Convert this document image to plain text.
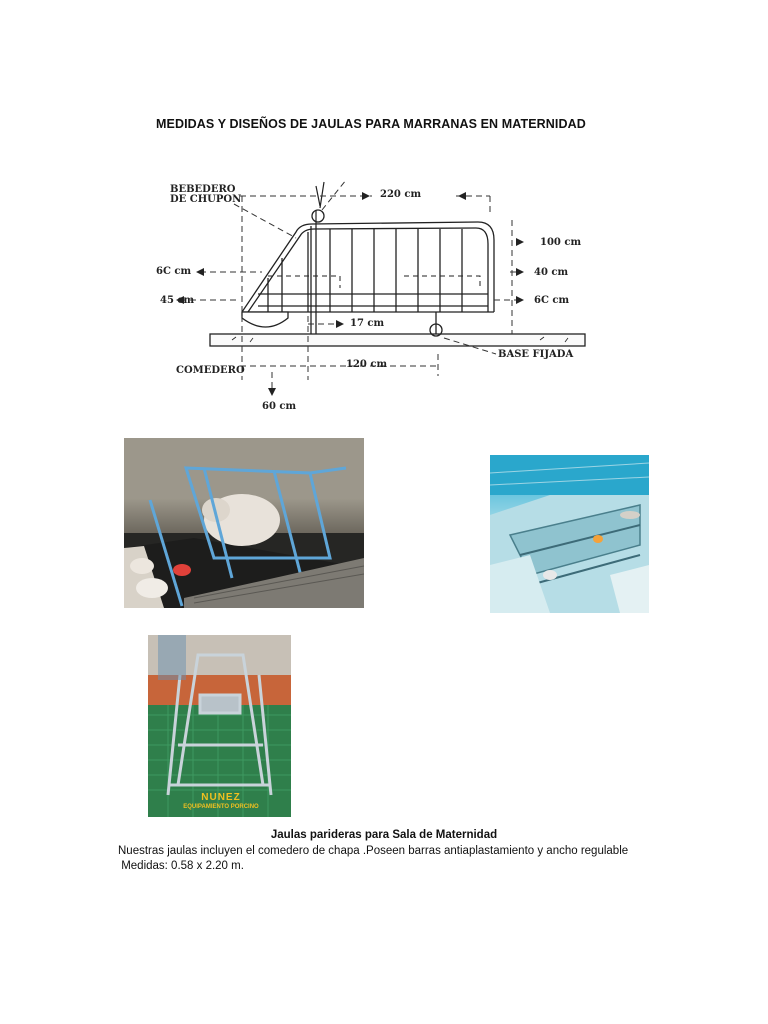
MEDIDAS Y DISEÑOS DE JAULAS PARA MARRANAS EN MATERNIDAD
BEBEDERO
DE CHUPON	220 cm
100 cm
6C cm	40 cm
45 cm	6C cm
17 cm
BASE FIJADA
COMEDERO
120 cm
60 cm
NUNEZ
EQUIPAMIENTO PORCINO
Jaulas parideras para Sala de Maternidad
Nuestras jaulas incluyen el comedero de chapa .Poseen barras antiaplastamiento y ancho regulable
Medidas: 0.58 x 2.20 m.
